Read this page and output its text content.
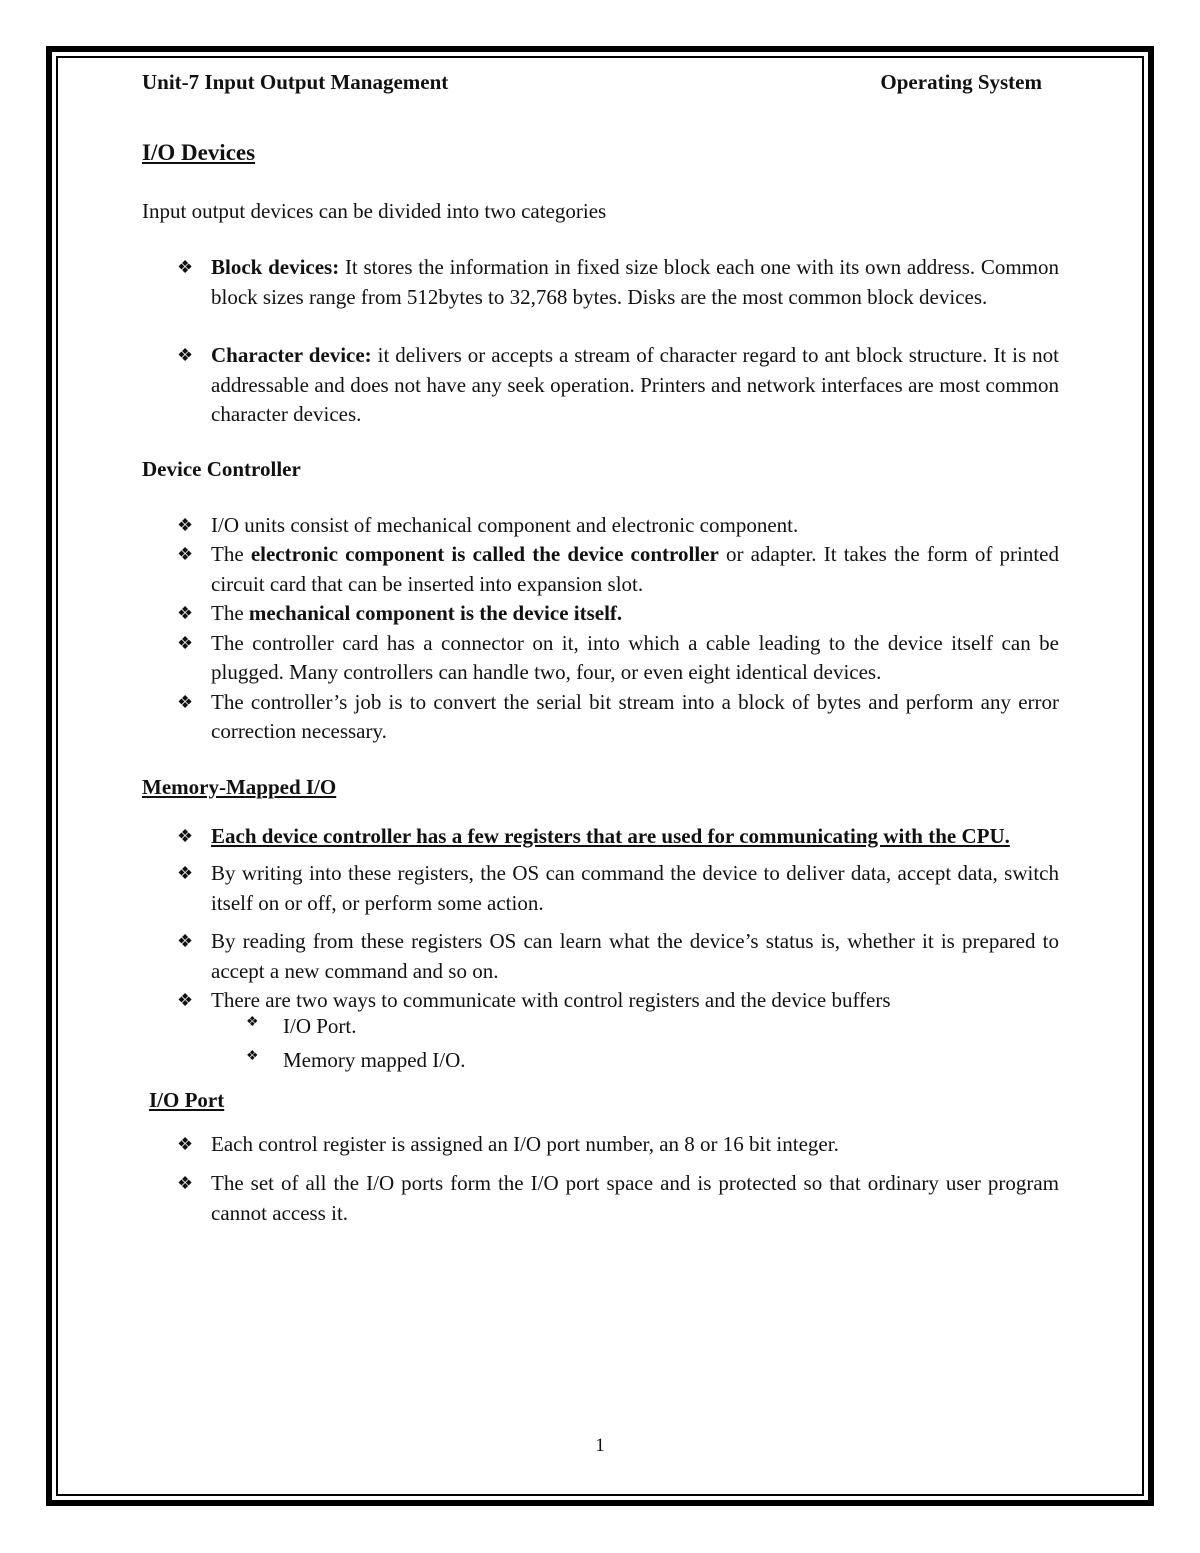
Unit-7 Input Output Management	Operating System
I/O Devices

Input output devices can be divided into two categories

❖ Block devices: It stores the information in fixed size block each one with its own address. Common block sizes range from 512bytes to 32,768 bytes. Disks are the most common block devices.
❖ Character device: it delivers or accepts a stream of character regard to ant block structure. It is not addressable and does not have any seek operation. Printers and network interfaces are most common character devices.
Device Controller
❖ I/O units consist of mechanical component and electronic component.
❖ The electronic component is called the device controller or adapter. It takes the form of printed circuit card that can be inserted into expansion slot.
❖ The mechanical component is the device itself.
❖ The controller card has a connector on it, into which a cable leading to the device itself can be plugged. Many controllers can handle two, four, or even eight identical devices.
❖ The controller’s job is to convert the serial bit stream into a block of bytes and perform any error correction necessary.
Memory-Mapped I/O
❖ Each device controller has a few registers that are used for communicating with the CPU.
❖ By writing into these registers, the OS can command the device to deliver data, accept data, switch itself on or off, or perform some action.
❖ By reading from these registers OS can learn what the device’s status is, whether it is prepared to accept a new command and so on.
❖ There are two ways to communicate with control registers and the device buffers
❖ I/O Port.
❖ Memory mapped I/O.
I/O Port
❖ Each control register is assigned an I/O port number, an 8 or 16 bit integer.
❖ The set of all the I/O ports form the I/O port space and is protected so that ordinary user program cannot access it.
1
